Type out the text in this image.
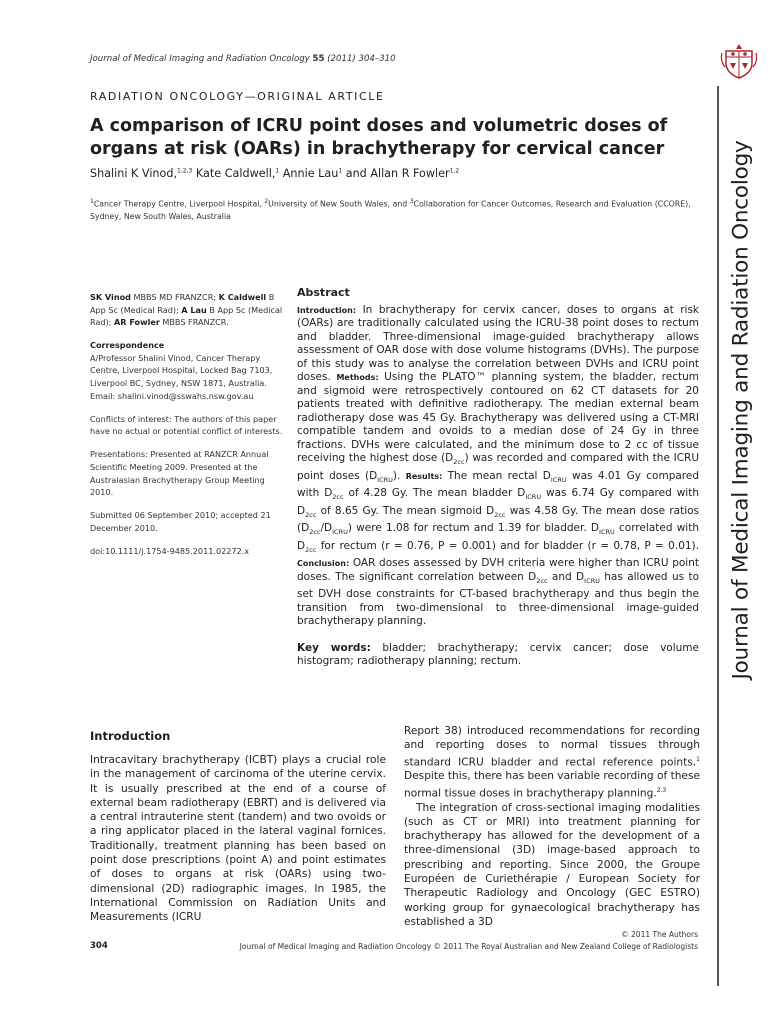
Journal of Medical Imaging and Radiation Oncology 55 (2011) 304–310
Journal of Medical Imaging and Radiation Oncology
RADIATION ONCOLOGY—ORIGINAL ARTICLE
A comparison of ICRU point doses and volumetric doses of organs at risk (OARs) in brachytherapy for cervical cancer
Shalini K Vinod,$^{1,2,3}$ Kate Caldwell,$^1$ Annie Lau$^1$ and Allan R Fowler$^{1,2}$
$^1$Cancer Therapy Centre, Liverpool Hospital, $^2$University of New South Wales, and $^3$Collaboration for Cancer Outcomes, Research and Evaluation (CCORE), Sydney, New South Wales, Australia

SK Vinod MBBS MD FRANZCR; K Caldwell B App Sc (Medical Rad); A Lau B App Sc (Medical Rad); AR Fowler MBBS FRANZCR.

Correspondence
A/Professor Shalini Vinod, Cancer Therapy
Centre, Liverpool Hospital, Locked Bag 7103,
Liverpool BC, Sydney, NSW 1871, Australia.
Email: shalini.vinod@sswahs.nsw.gov.au

Conflicts of interest: The authors of this paper have no actual or potential conflict of interests.

Presentations: Presented at RANZCR Annual Scientific Meeting 2009. Presented at the Australasian Brachytherapy Group Meeting 2010.

Submitted 06 September 2010; accepted 21 December 2010.

doi:10.1111/j.1754-9485.2011.02272.x

Abstract
Introduction: In brachytherapy for cervix cancer, doses to organs at risk (OARs) are traditionally calculated using the ICRU-38 point doses to rectum and bladder. Three-dimensional image-guided brachytherapy allows assessment of OAR dose with dose volume histograms (DVHs). The purpose of this study was to analyse the correlation between DVHs and ICRU point doses. Methods: Using the PLATO™ planning system, the bladder, rectum and sigmoid were retrospectively contoured on 62 CT datasets for 20 patients treated with definitive radiotherapy. The median external beam radiotherapy dose was 45 Gy. Brachytherapy was delivered using a CT-MRI compatible tandem and ovoids to a median dose of 24 Gy in three fractions. DVHs were calculated, and the minimum dose to 2 cc of tissue receiving the highest dose $(D_{2cc})$ was recorded and compared with the ICRU point doses $(D_{ICRU})$. Results: The mean rectal $D_{ICRU}$ was 4.01 Gy compared with $D_{2cc}$ of 4.28 Gy. The mean bladder $D_{ICRU}$ was 6.74 Gy compared with $D_{2cc}$ of 8.65 Gy. The mean sigmoid $D_{2cc}$ was 4.58 Gy. The mean dose ratios $(D_{2cc}/D_{ICRU})$ were 1.08 for rectum and 1.39 for bladder. $D_{ICRU}$ correlated with $D_{2cc}$ for rectum (r = 0.76, P = 0.001) and for bladder (r = 0.78, P = 0.01). Conclusion: OAR doses assessed by DVH criteria were higher than ICRU point doses. The significant correlation between $D_{2cc}$ and $D_{ICRU}$ has allowed us to set DVH dose constraints for CT-based brachytherapy and thus begin the transition from two-dimensional to three-dimensional image-guided brachytherapy planning.
Key words: bladder; brachytherapy; cervix cancer; dose volume histogram; radiotherapy planning; rectum.
Introduction

Intracavitary brachytherapy (ICBT) plays a crucial role in the management of carcinoma of the uterine cervix. It is usually prescribed at the end of a course of external beam radiotherapy (EBRT) and is delivered via a central intrauterine stent (tandem) and two ovoids or a ring applicator placed in the lateral vaginal fornices. Traditionally, treatment planning has been based on point dose prescriptions (point A) and point estimates of doses to organs at risk (OARs) using two-dimensional (2D) radiographic images. In 1985, the International Commission on Radiation Units and Measurements (ICRU

Report 38) introduced recommendations for recording and reporting doses to normal tissues through standard ICRU bladder and rectal reference points.$^1$ Despite this, there has been variable recording of these normal tissue doses in brachytherapy planning.$^{2,3}$

The integration of cross-sectional imaging modalities (such as CT or MRI) into treatment planning for brachytherapy has allowed for the development of a three-dimensional (3D) image-based approach to prescribing and reporting. Since 2000, the Groupe Européen de Curiethérapie / European Society for Therapeutic Radiology and Oncology (GEC ESTRO) working group for gynaecological brachytherapy has established a 3D

© 2011 The Authors
304	Journal of Medical Imaging and Radiation Oncology © 2011 The Royal Australian and New Zealand College of Radiologists
